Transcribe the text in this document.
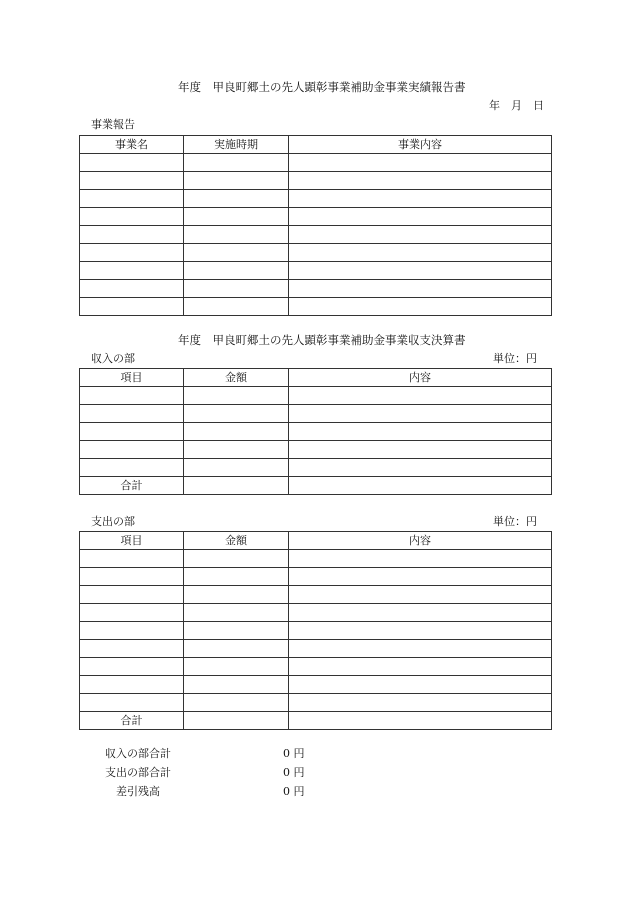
年度　甲良町郷土の先人顕彰事業補助金事業実績報告書
年　月　日
事業報告
事業名	実施時期	事業内容

年度　甲良町郷土の先人顕彰事業補助金事業収支決算書
収入の部	単位：円
項目	金額	内容

合計		
支出の部	単位：円
項目	金額	内容

合計		
収入の部合計	0 円
支出の部合計	0 円
差引残高	0 円
